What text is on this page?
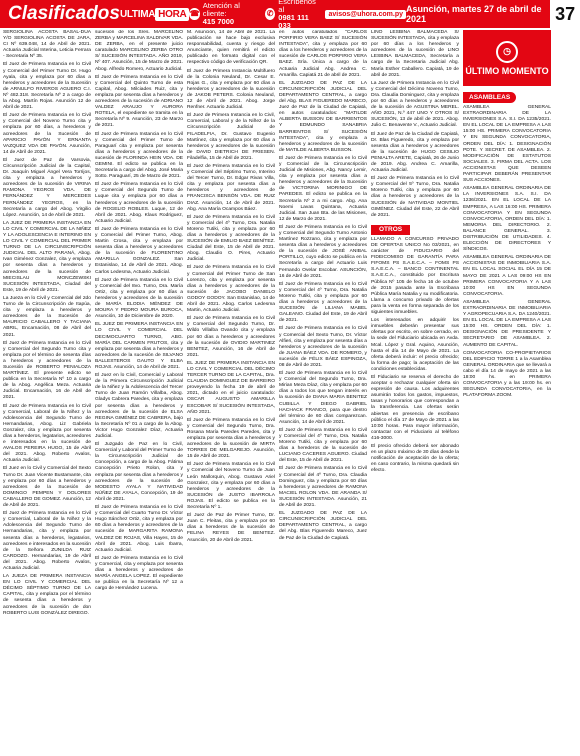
Clasificados ULTIMA HORA ☎
Atención al cliente:
415 7000
✆
Escríbenos al
0981 111 033
avisos@uhora.com.py Asunción, martes 27 de abril de 2021	37

SERGIOLINA ACOSTA BASAL-DUA Y/O SERGIOLINA ACOSTA DE JARA, CI Nº 639.048, 14 de Abril de 2021. Actuaria Judicial Interina, Leticia Ferrara - Secretaria Nº 35.

El Juez de Primera Instancia en lo Civil y Comercial del Primer Turno Dr. Hugo Ayala, cita y emplaza por 60 días a herederos y acreedores de la Sucesión de ARNULFO RIVEROS AGUERO C.I. Nº 482.318. Secretaría Nº 2 a cargo de la Abog. Martín Rojas. Asunción 12 de Abril de 2021.

El Juez de Primera Instancia en lo Civil y Comercial del Noveno Turno cita y emplaza por 60 días, a herederos y acreedores de la Sucesión de APARICIO PAVÓN Y ERNANTA VAZQUEZ VDA DE PAVÓN. Asunción, 14 de Abril de 2021.

El Juez de Paz de Varsovia, Circunscripción Judicial de la Capital, Dr. Joaquín Miguel Ángel Vera Torrijos, cita y emplaza a herederos y acreedores de la sucesión de VIRINA RAMONA YEGROS VDA. DE FERNÁNDEZ Y MERCEDES FERNÁNDEZ YEGROS, en la Secretaría a cargo del Abog. Virgilio López. Asunción, 14 de Abril de 2021.

LA JUEZ DE PRIMERA INSTANCIA EN LO CIVIL Y COMERCIAL DE LA NIÑEZ Y LA ADOLESCENCIA E INTERINO EN LO CIVIL Y COMERCIAL DEL PRIMER TURNO DE LA CIRCUNSCRIPCIÓN JUDICIAL DEL ALTO PARANÁ, Abog. Ivan Giménez Gonzalez, cita y emplaza por sesenta días a herederos y acreedores de la sucesión de MIECISLAU MONCZEWSKI SUCESIÓN INTESTADA, Ciudad del Este, 19 de Abril de 2021.

La Jueza en lo Civil y Comercial del 2do Turno de la Circunscripción de Itapúa, cita y emplaza a herederos y acreedores de la Sucesión de MAURICIO CABALLERO Y TACIANA ABRIL, Encarnación, 08 de Abril del 2021.

El Juez de Primera Instancia en lo Civil y Comercial del Segundo Turno cita y emplaza por el término de sesenta días a herederos y acreedores de la Sucesión de ROBERTO PENIALOZA MARTÍNEZ. El presente edicto se publica en la Secretaría Nº 10 a cargo de la Abog. Angélica Meza. Actuaria Judicial. Encarnación, 16 de Abril de 2021.

El Juez de Primera Instancia en lo Civil y Comercial, Laboral de la Niñez y la Adolescencia del Segundo Turno de Hernandarias, Abog. Liz Gabriela Gonzalez, cita y emplaza por sesenta días a herederos, legatarios, acreedores e interesados en la sucesión de AVALOS PEREIRA HUGO, 15 de Abril del 2021. Abog. Roberto Avalos, Actuaria Judicial.

El Juez en lo Civil y Comercial del Sexto Turno Dr. Juan Vicente Bustamante, cita y emplaza por 60 días a herederos y acreedores de la Sucesión de DOMINGO PEMPEN Y DOLORES CABALLERO DE GOMEZ. Asunción, 12 de Abril de 2021.

El Juez de Primera Instancia en lo Civil y Comercial, Laboral de la Niñez y la Adolescencia del Segundo Turno de Hernandarias, cita y emplaza por sesenta días a herederos, legatarios, acreedores e interesados en la sucesión de la Señora ZUNILDA RUIZ CARDOZO. Hernandarias, 19 de Abril del 2021. Abog. Roberto Avalos, Actuaria Judicial.

LA JUEZA DE PRIMERA INSTANCIA EN LO CIVIL Y COMERCIAL DEL DÉCIMO SÉPTIMO TURNO DE LA CAPITAL, cita y emplaza por el término de sesenta días a herederos y acreedores de la sucesión de don ROBERTO LUIS GONZÁLEZ DIREGO.

sucesión de los Sres. MARCELINO ZERBA y MARCELINA SALDIVAR VDA. DE ZERBA, en el presente juicio caratulado MARCELINO ZERBA OTRO S/ SUCESIÓN INTESTADA. AÑO 2019, Nº 407. Asunción, 15 de Marzo de 2021. Abog. Alfredo Romero, Actuario Judicial.

El Juez de Primera Instancia en lo Civil y Comercial del Quinto Turno de esta Capital, Abog. Milciades Ruiz, cita y emplaza por sesenta días a herederos y acreedores de la sucesión de ADRIANO VALDEZ ARAUJO Y AURORA ROTELA, el expediente se tramita en la Secretaría Nº 9. Asunción, 23 de Marzo de 2021.

El Juez de Primera Instancia en lo Civil y Comercial del Primer Turno de Paraguarí cita y emplaza por sesenta días a herederos y acreedores de la sucesión de FLORINDA HEIN VDA. DE GEMINI. El edicto se publica en la Secretaría a cargo del Abog. José Maria Sotto. Paraguarí, 25 de Marzo de 2021.

El Juez de Primera Instancia en lo Civil y Comercial del Segundo Turno de Luque cita y emplaza por 60 días a herederos y acreedores de la sucesión de ROGELIO ROBLES. Luque, 12 de Abril de 2021. Abog. Klaus Rodriguez, Actuario Judicial.

El Juez de Primera Instancia en lo Civil y Comercial del Primer Turno, Abog. Martin Crosa, cita y emplaza por sesenta días a herederos y acreedores de la sucesión de FLORENTINO AMARILLA GONZALEZ. San Estanislao, 14 de Abril de 2021. Abog. Carlos Ledesma, Actuario Judicial.

El Juez de Primera Instancia en lo Civil y Comercial del 8vo. Turno, Dra. María Ortiz, cita y emplaza por 60 días a herederos y acreedores de la sucesión de MARÍA ELODIA MÉNDEZ DE MOURA Y PEDRO MOURA BUROCA, Asunción, 10 de Diciembre de 2020.

EL JUEZ DE PRIMERA INSTANCIA EN LO CIVIL Y COMERCIAL DEL DECIMOCUARTO TURNO, ABG. MARÍA DEL CARMEN FRUTOS, cita y emplaza por sesenta días a herederos y acreedores de la sucesión de SILVANO BALLESTEROS GAUTO Y ELBA ROJAS. Asunción, 14 de Abril de 2021.

El Juez en lo Civil, Comercial y Laboral de la Primera Circunscripción Judicial de la Niñez y la Adolescencia del Tercer Turno de Juan Ramón Villalba, Abog. Gladys Cabrera Paredes, cita y emplaza por sesenta días a herederos y acreedores de la sucesión de ELSA REGINA GIMÉNEZ DE CABRERA, bajo la Secretaría Nº 01 a cargo de la Abog. Victor Hugo Gonzalez Díaz, Actuaria Judicial.

El Juzgado de Paz en lo Civil, Comercial y Laboral del Primer Turno de la Circunscripción Judicial de Concepción, a cargo de la Abog. Fátima Concepción Prieto Rolon, cita y emplaza por sesenta días a herederos y acreedores de la sucesión de MODESTO AYALA Y NATIVIDAD NÚÑEZ DE AYALA, Concepción, 19 de Abril de 2021.

El Juez de Primera Instancia en lo Civil y Comercial del Cuarto Turno Dr. Víctor Hugo Sánchez Ortiz, cita y emplaza por 60 días a herederos y acreedores de la sucesión de MARGARITA RAMONA VALDEZ DE ROJAS, Villa Hayes, 15 de Abril de 2021. Abog. Luis Ibarra, Actuario Judicial.

El Juez de Primera Instancia en lo Civil y Comercial, cita y emplaza por sesenta días a herederos y acreedores de MARÍA ANGELA LOPEZ. El expediente se publica en la Secretaría Nº 12 a cargo de Hernández Lucena.

M. Asunción, 14 de Abril de 2021. La publicación se hace bajo exclusiva responsabilidad, cuenta y riesgo del Anunciante, quien remitirá el edicto publicado en formato digital con el respectivo código de verificación QR.

El Juez de Primera Instancia Multifuero de la Colonia Neuland, Dr. Cesar E. Rojas G., cita y emplaza por 60 días a herederos y acreedores de la sucesión de JAKOB PETERS. Colonia Neuland, 12 de Abril de 2021. Abog. Jorge Renfner. Actuario Judicial.

El Juez de Primera Instancia en lo Civil, Comercial, Laboral y de la Niñez de la Circunscripción Judicial de FILADELFIA, Dr. Gustavo Eugenio Martínez, cita y emplaza por 60 días a herederos y acreedores de la sucesión de DAVID DIETRICH DE FRIESEN. Filadelfia, 15 de Abril de 2021.

El Juez de Primera Instancia en lo Civil y Comercial del Séptimo Turno, Interino del Tercer Turno, Dr. Edgar Rivas Villa, cita y emplaza por sesenta días a herederos y acreedores de FRANCISCA BENSÓN VDA. DE RUIZ DIAZ. Asunción, 14 de Abril de 2021. Abg. Ana María Ocampos Báez.

El Juez de Primera Instancia en lo Civil y Comercial del 4º Turno, Dra. Natalia Moreno Tutiki, cita y emplaza por 60 días a herederos y acreedores de la SUCESIÓN de EMILIO BAEZ BENÍTEZ. Ciudad del Este, 15 de Abril de 2021. Abog. Claudio O. Pires, Actuario Judicial.

El Juez de Primera Instancia en lo Civil y Comercial del Primer Turno de San Lorenzo, cita y emplaza por sesenta días a herederos y acreedores de la sucesión de JACOBO DANIELO GODOY GODOY. San Estanislao, 14 de Abril de 2021. Abog. Carlos Ledesma Martin, Actuario Judicial.

El Juez de Primera Instancia en lo Civil y Comercial del Segundo Turno, Dr. Wildo Villalba Ovando cita y emplaza por 60 días a herederos y acreedores de la sucesión de OVIDIO MARTINEZ BENITEZ, Asunción, 16 de Abril de 2021.

EL JUEZ DE PRIMERA INSTANCIA EN LO CIVIL Y COMERCIAL DEL DÉCIMO TERCER TURNO DE LA CAPITAL, Dra. CLAUDIA DOMINGUEZ DE BARREIRO proveyendo la fecha 19 de abril de 2021, dictado en el juicio caratulado: OSCAR AUGUSTO AMARILLA ESCOBAR S/ SUCESIÓN INTESTADA, AÑO 2021.

El Juez de Primera Instancia en lo Civil y Comercial del Segundo Turno, Dra. Rosana María Paredes Paredes, cita y emplaza por sesenta días a herederos y acreedores de la sucesión de MIRTA TORRES DE MELGAREJO. Asunción, 15 de Abril de 2021.

El Juez de Primera Instancia en lo Civil y Comercial del Noveno Turno de Juan León Mallorquin, Abog. Gustavo Ariel Gonzalez, cita y emplaza por 60 días a herederos y acreedores de la SUCESIÓN de JUSTO IBARROLA ROJAS. El edicto se publica en la Secretaría Nº 1.

El Juez de Paz de Primer Turno, Dr. Juan C. Fleitas, cita y emplaza por 60 días a herederos de la sucesión de FELINA REYES DE BENITEZ. Asunción, 20 de Abril de 2021.

en autos caratulados "CARLOS PORFIRIO VERA BAEZ S/ SUCESIÓN INTESTADA", cita y emplaza por 60 días a los herederos y acreedores de la sucesión de CARLOS PORFIRIO VERA BAEZ. Sría. Única a cargo de la Actuaria Judicial Abg. Andrea C. Amarilla. Capiatá 21 de abril de 2021.

EL JUZGADO DE PAZ DE LA CIRCUNSCRIPCIÓN JUDICIAL DEL DEPARTAMENTO CENTRAL, a cargo del Abg. BLAS FIGUEREDO MARECO, Juez de Paz de la Ciudad de Capiatá, en autos caratulados: "MATILDE ALBERTA BUSSON DE BARRIENTOS Y EDMUNDO SANABRIA BARRIENTOS S/ SUCESIÓN INTESTADA", cita y emplaza a herederos y acreedores de la sucesión de MATILDE ALBERTA BUSSON.

El Juez de Primera Instancia en lo Civil y Comercial de la Circunscripción Judicial de Misiones, Abg. Nancy Lemir, cita y emplaza por sesenta días a herederos y acreedores de la Sucesión de VICTORINA MORINIGO DE PAREDES. El edicto se publica en la Secretaría Nº 2 a mi cargo. Abg. Ana Noemi Lavas Quintana, Actuaria Judicial. San Juan Bta. de las Misiones, 12 de Marzo de 2021.

El Juez de Primera Instancia en lo Civil y Comercial del Segundo Turno Antonio Martínez Rozzano, cita y emplaza por sesenta días a herederos y acreedores de la sucesión de JOSÉ ANIBAL PORTILLO, cuyo edicto se publica en la Secretaría a cargo del Actuario Luis Fernando Ovelar Escobar. ASUNCIÓN, 16 de Abril de 2021.

El Juez de Primera Instancia en lo Civil y Comercial del 4º Turno, Dra. Natalia Moreno Tutiki, cita y emplaza por 60 días a herederos y acreedores de la SUCESIÓN de LILIANA MABEL GALEANO. Ciudad del Este, 19 de Abril de 2021.

El Juez de Primera Instancia en lo Civil y Comercial del Sexto Turno, Dr. Víctor Alfieri, cita y emplaza por sesenta días a herederos y acreedores de la sucesión de JUANA BÁEZ VDA. DE ROMERO, y sucesión de FÉLIX BÁEZ ESPINOZA, 08 de Abril de 2021.

El Juez de Primera Instancia en lo Civil y Comercial del Segundo Turno, Dra. Mirian Meza Díaz, cita y emplaza por 60 días a todos los que tengan interés en la sucesión de DIANA MARIA BENITEZ CUBILLA Y DIEGO GABRIEL HACHACK FRANCO, para que dentro del término de 60 días comparezcan. Asunción, 14 de Abril de 2021.

El Juez de Primera Instancia en lo Civil y Comercial del 4º Turno, Dra. Natalia Moreno Tutiki, cita y emplaza por 60 días a herederos de la sucesión de LUCIANO CACERES AGUERO. Ciudad del Este, 15 de Abril de 2021.

El Juez de Primera Instancia en lo Civil y Comercial del 4º Turno, Dra. Claudia Dominguez, cita y emplaza por 60 días a herederos y acreedores de RAMONA MACIEL ROLON VDA. DE ARANDA S/ SUCESIÓN INTESTADA. Asunción, 21 de Abril de 2021.

EL JUZGADO DE PAZ DE LA CIRCUNSCRIPCIÓN JUDICIAL DEL DEPARTAMENTO CENTRAL, a cargo del Abg. Blas Figueredo Mareco, Juez de Paz de la Ciudad de Capiatá.

LINO LESBINA BALMACEDA S/ SUCESIÓN INTESTADA, cita y emplaza por 60 días a los herederos y acreedores de la sucesión de LINO LESBINA BALMACEDA, Secretaría a cargo de la Secretaria Judicial Abg. María Esther Caballero. Capiatá, 19 de abril de 2021.

La Juez de Primera Instancia en lo Civil y Comercial del Décimo Noveno Turno, Dra. Claudia Dominguez, cita y emplaza por 60 días a herederos y acreedores de la sucesión de AGUSTINA MEREL. AÑO 2021, N.º 447 UNO Y OTROS S/ SUCESIÓN, 13 de abril de 2021. Abog. Julio C. Benavente V., Actuario Judicial.

El Juez de Paz de la Ciudad de Capiatá, Dr. Blas Figueredo, cita y emplaza por sesenta días a herederos y acreedores de la sucesión de HUGO CESILIO PENIALTA ARETE, Capiatá, 26 de Junio de 2019. Abg. Andrea C. Amarilla, Actuaria Judicial.

El Juez de Primera Instancia en lo Civil y Comercial del 5º Turno, Dra. Natalia Moreno Tutiki, cita y emplaza por 60 días a herederos y acreedores de la SUCESIÓN de NATIVIDAD MONTIEL GIMÉNEZ. Ciudad del Este, 22 de Abril de 2021.

OTROS

LLAMADO A CONCURSO PRIVADO DE OFERTAS UNICO No 03/2021, en carácter de FIDUCIARIO del FIDEICOMISO DE GARANTÍA PARA FIFOMS PS S.A.E.C.A. – FOMS PS S.A.E.C.A. – BANCO CONTINENTAL S.A.E.C.A., constituido por Escritura Pública Nº 105 de fecha 16 de octubre de 2015 pasada ante la Escribana Pública María Natalia y su modificatoria. Llama a concurso privado de ofertas para la venta en forma separada de los siguientes inmuebles.

Los interesados en adquirir los inmuebles deberán presentar sus ofertas por escrito, en sobre cerrado, en la sede del Fiduciario ubicada en Avda. Mcal. López y Gral. Aquino, Asunción, hasta el día 14 de Mayo de 2021. La oferta deberá incluir: el precio ofrecido; la forma de pago; la aceptación de las condiciones establecidas.

El Fiduciario se reserva el derecho de aceptar o rechazar cualquier oferta sin expresión de causa. Los adquirentes asumirán todos los gastos, impuestos, tasas y honorarios que correspondan a la transferencia. Las ofertas serán abiertas en presencia de escribano público el día 17 de Mayo de 2021 a las 10:00 horas. Para mayor información, contactar con el Fiduciario al teléfono 416-3000.

El precio ofrecido deberá ser abonado en un plazo máximo de 30 días desde la notificación de aceptación de la oferta; en caso contrario, la misma quedará sin efecto.

◷
ÚLTIMO MOMENTO
ASAMBLEAS

ASAMBLEA GENERAL EXTRAORDINARIA DE LA INVERSIONES S.A. S.I. DA 1235/2021. EN EL LOCAL DE LA EMPRESA A LAS 15:00 HS. PRIMERA CONVOCATORIA Y EN SEGUNDA CONVOCATORIA, ORDEN DEL DÍA: 1. DESIGNACIÓN PDTE. Y SECRET. DE ASAMBLEA. 2. MODIFICACIÓN DE ESTATUTOS SOCIALES. 3. FIRMA DEL ACTA. LOS ACCIONISTAS QUE DESEEN PARTICIPAR DEBERÁN PRESENTAR SUS ACCIONES.

ASAMBLEA GENERAL ORDINARIA DE LA INVERSIONES S.A. S.I. DA 1236/2021. EN EL LOCAL DE LA EMPRESA, A LAS 16:00 HS. PRIMERA CONVOCATORIA Y EN SEGUNDA CONVOCATORIA, ORDEN DEL DÍA: 1. MEMORIA DEL DIRECTORIO. 2. BALANCE GENERAL. 3. DISTRIBUCIÓN DE UTILIDADES. 4. ELECCIÓN DE DIRECTORES Y SÍNDICOS.

ASAMBLEA GENERAL ORDINARIA DE ACCIONISTAS DE INMOBILIARIA S.A. EN EL LOCAL SOCIAL EL DÍA 15 DE MAYO DE 2021 A LAS 09:00 HS EN PRIMERA CONVOCATORIA Y A LAS 10:00 HS EN SEGUNDA CONVOCATORIA.

ASAMBLEA GENERAL EXTRAORDINARIA DE INMOBILIARIA Y AGROPECUARIA S.A. DA 1240/2021. EN EL LOCAL DE LA EMPRESA A LAS 15:00 HS. ORDEN DEL DÍA: 1. DESIGNACIÓN DE PRESIDENTE Y SECRETARIO DE ASAMBLEA. 2. AUMENTO DE CAPITAL.

CONVOCATORIA CO-PROPIETARIOS DEL EDIFICIO TORRE 1 a la Asamblea GENERAL ORDINARIA que se llevará a cabo el día 14 de mayo de 2021 a las 18:00 hs. en PRIMERA CONVOCATORIA y a las 19:00 hs. en SEGUNDA CONVOCATORIA, en la PLATAFORMA ZOOM.
